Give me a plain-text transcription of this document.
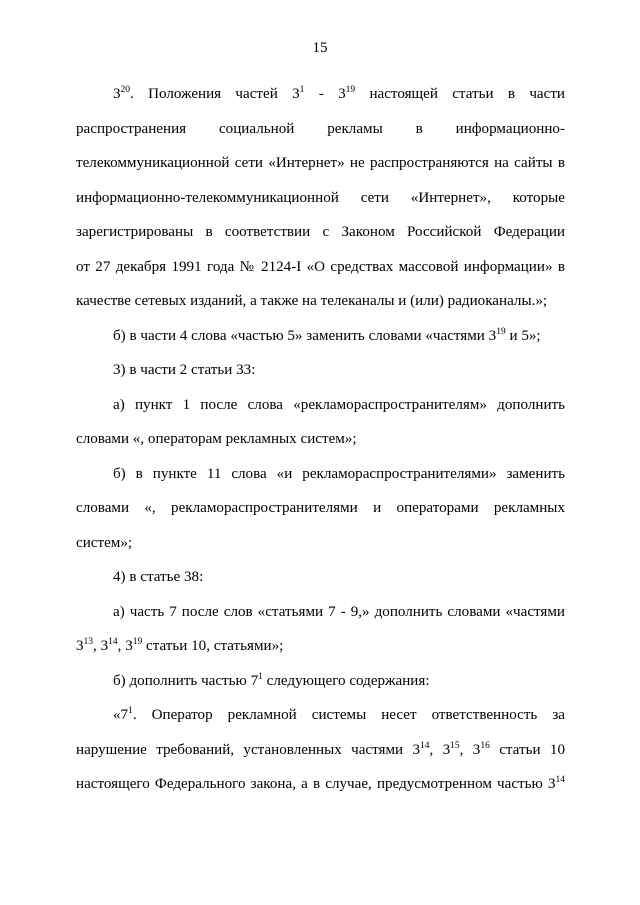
15
$3^{20}$. Положения частей $3^1 - 3^{19}$ настоящей статьи в части
распространения социальной рекламы в информационно-
телекоммуникационной сети «Интернет» не распространяются на сайты в
информационно-телекоммуникационной сети «Интернет», которые
зарегистрированы в соответствии с Законом Российской Федерации
от 27 декабря 1991 года № 2124-I «О средствах массовой информации» в
качестве сетевых изданий, а также на телеканалы и (или) радиоканалы.»;
б) в части 4 слова «частью 5» заменить словами «частями $3^{19}$ и 5»;
3) в части 2 статьи 33:
а) пункт 1 после слова «рекламораспространителям» дополнить
словами «, операторам рекламных систем»;
б) в пункте 11 слова «и рекламораспространителями» заменить
словами «, рекламораспространителями и операторами рекламных
систем»;
4) в статье 38:
а) часть 7 после слов «статьями 7 - 9,» дополнить словами «частями
$3^{13}$, $3^{14}$, $3^{19}$ статьи 10, статьями»;
б) дополнить частью $7^1$ следующего содержания:
«$7^1$. Оператор рекламной системы несет ответственность за
нарушение требований, установленных частями $3^{14}$, $3^{15}$, $3^{16}$ статьи 10
настоящего Федерального закона, а в случае, предусмотренном частью $3^{14}$
